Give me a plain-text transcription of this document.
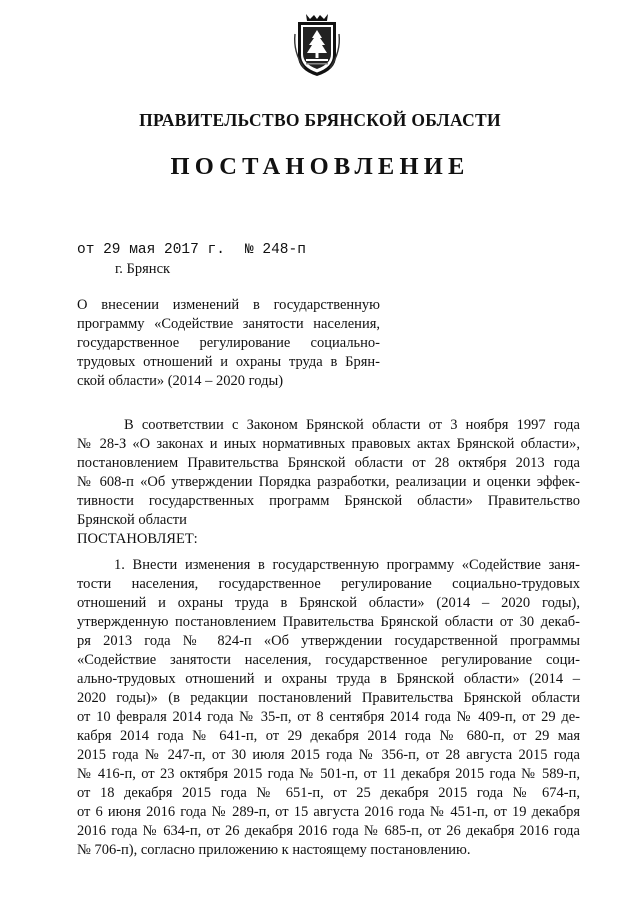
ПРАВИТЕЛЬСТВО БРЯНСКОЙ ОБЛАСТИ
ПОСТАНОВЛЕНИЕ
от 29 мая 2017 г. № 248-п
г. Брянск
О внесении изменений в государственную
программу «Содействие занятости населения,
государственное регулирование социально-
трудовых отношений и охраны труда в Брян-
ской области» (2014 – 2020 годы)
В соответствии с Законом Брянской области от 3 ноября 1997 года
№ 28-З «О законах и иных нормативных правовых актах Брянской области»,
постановлением Правительства Брянской области от 28 октября 2013 года
№ 608-п «Об утверждении Порядка разработки, реализации и оценки эффек-
тивности государственных программ Брянской области» Правительство
Брянской области
ПОСТАНОВЛЯЕТ:
1. Внести изменения в государственную программу «Содействие заня-
тости населения, государственное регулирование социально-трудовых
отношений и охраны труда в Брянской области» (2014 – 2020 годы),
утвержденную постановлением Правительства Брянской области от 30 декаб-
ря 2013 года № 824-п «Об утверждении государственной программы
«Содействие занятости населения, государственное регулирование соци-
ально-трудовых отношений и охраны труда в Брянской области» (2014 –
2020 годы)» (в редакции постановлений Правительства Брянской области
от 10 февраля 2014 года № 35-п, от 8 сентября 2014 года № 409-п, от 29 де-
кабря 2014 года № 641-п, от 29 декабря 2014 года № 680-п, от 29 мая
2015 года № 247-п, от 30 июля 2015 года № 356-п, от 28 августа 2015 года
№ 416-п, от 23 октября 2015 года № 501-п, от 11 декабря 2015 года № 589-п,
от 18 декабря 2015 года № 651-п, от 25 декабря 2015 года № 674-п,
от 6 июня 2016 года № 289-п, от 15 августа 2016 года № 451-п, от 19 декабря
2016 года № 634-п, от 26 декабря 2016 года № 685-п, от 26 декабря 2016 года
№ 706-п), согласно приложению к настоящему постановлению.
